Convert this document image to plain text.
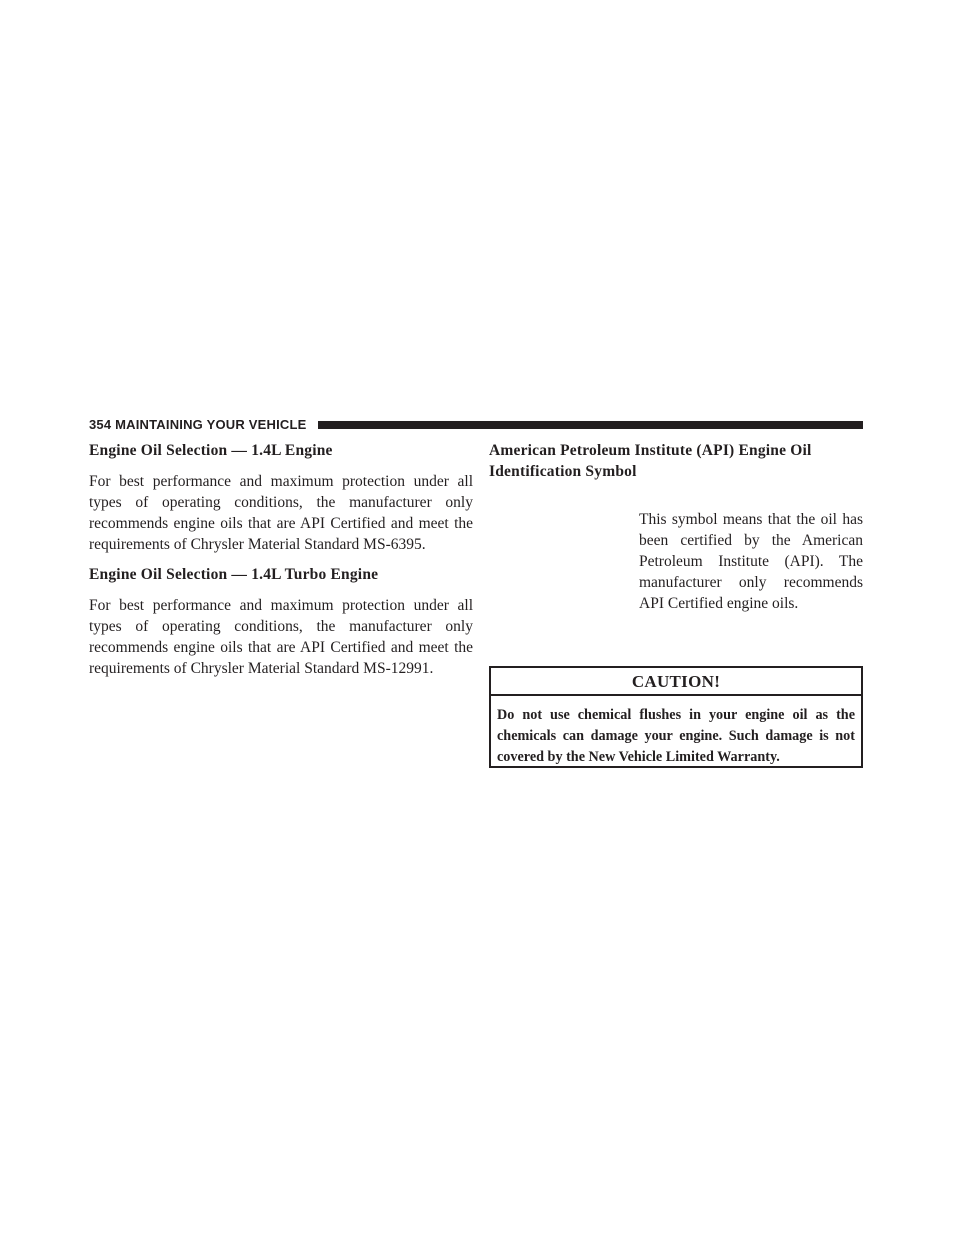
354 MAINTAINING YOUR VEHICLE
Engine Oil Selection — 1.4L Engine

For best performance and maximum protection under all types of operating conditions, the manufacturer only recommends engine oils that are API Certified and meet the requirements of Chrysler Material Standard MS-6395.

Engine Oil Selection — 1.4L Turbo Engine

For best performance and maximum protection under all types of operating conditions, the manufacturer only recommends engine oils that are API Certified and meet the requirements of Chrysler Material Standard MS-12991.

American Petroleum Institute (API) Engine Oil
Identification Symbol

This symbol means that the oil has been certified by the American Petroleum Institute (API). The manufacturer only recommends API Certified engine oils.

CAUTION!

Do not use chemical flushes in your engine oil as the chemicals can damage your engine. Such damage is not covered by the New Vehicle Limited Warranty.
